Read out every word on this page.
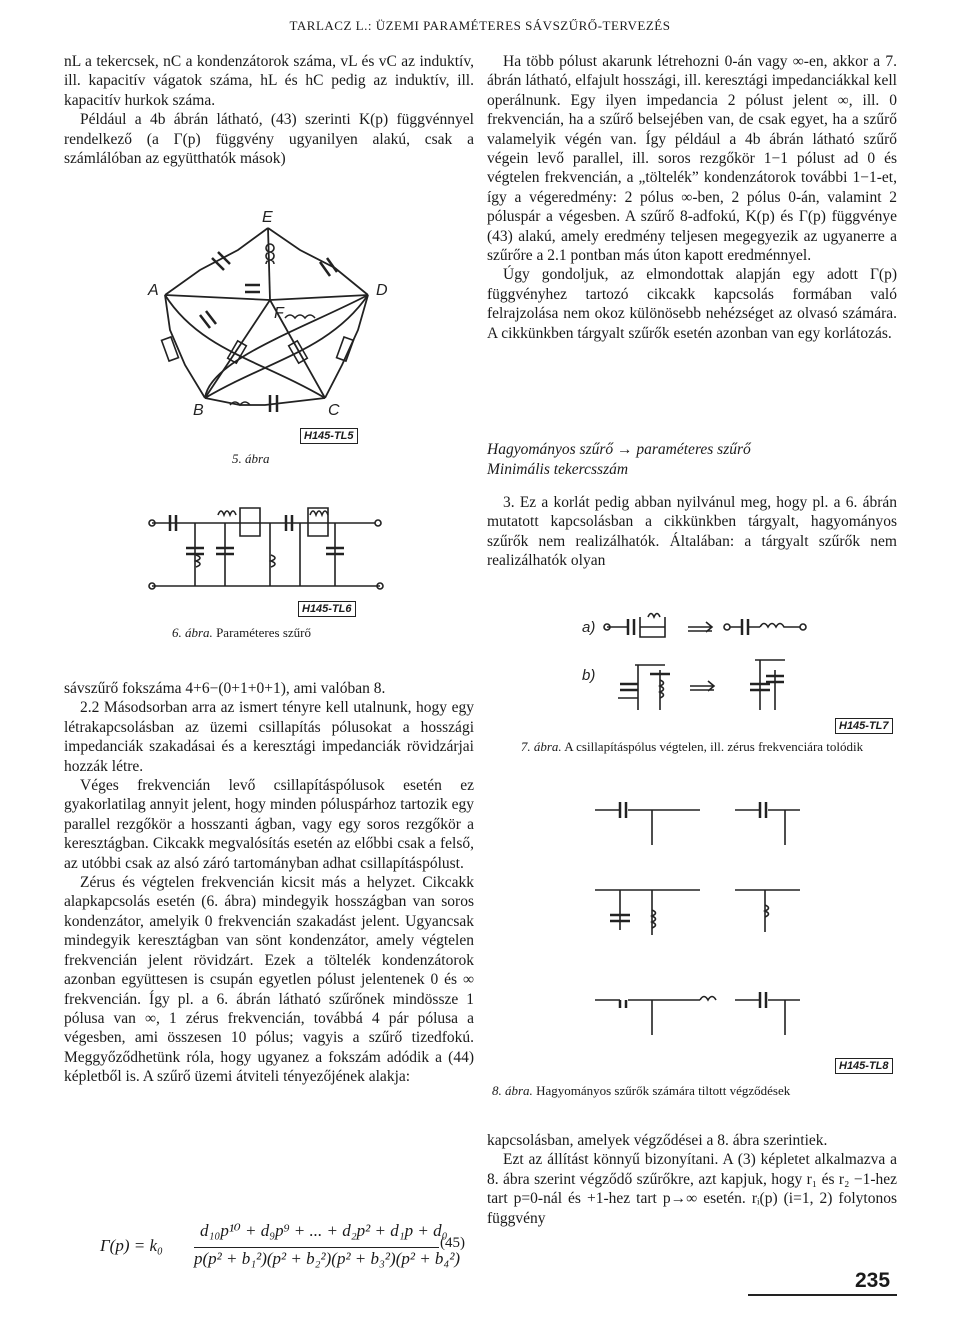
TARLACZ L.: ÜZEMI PARAMÉTERES SÁVSZŰRŐ-TERVEZÉS

nL a tekercsek, nC a kondenzátorok száma, vL és vC az induktív, ill. kapacitív vágatok száma, hL és hC pedig az induktív, ill. kapacitív hurkok száma.

Például a 4b ábrán látható, (43) szerinti K(p) függvénnyel rendelkező (a Γ(p) függvény ugyanilyen alakú, csak a számlálóban az együtthatók mások)

E
A	D
F
B	C
H145-TL5
5. ábra
H145-TL6
6. ábra. Paraméteres szűrő

sávszűrő fokszáma 4+6−(0+1+0+1), ami valóban 8.

2.2 Másodsorban arra az ismert tényre kell utalnunk, hogy egy létrakapcsolásban az üzemi csillapítás pólusokat a hosszági impedanciák szakadásai és a keresztági impedanciák rövidzárjai hozzák létre.

Véges frekvencián levő csillapításpólusok esetén ez gyakorlatilag annyit jelent, hogy minden póluspárhoz tartozik egy parallel rezgőkör a hosszanti ágban, vagy egy soros rezgőkör a keresztágban. Cikcakk megvalósítás esetén az előbbi csak a felső, az utóbbi csak az alsó záró tartományban adhat csillapításpólust.

Zérus és végtelen frekvencián kicsit más a helyzet. Cikcakk alapkapcsolás esetén (6. ábra) mindegyik hosszágban van soros kondenzátor, amelyik 0 frekvencián szakadást jelent. Ugyancsak mindegyik keresztágban van sönt kondenzátor, amely végtelen frekvencián jelent rövidzárt. Ezek a töltelék kondenzátorok azonban együttesen is csupán egyetlen pólust jelentenek 0 és ∞ frekvencián. Így pl. a 6. ábrán látható szűrőnek mindössze 1 pólusa van ∞, 1 zérus frekvencián, továbbá 4 pár pólusa a végesben, ami összesen 10 pólus; vagyis a szűrő tizedfokú. Meggyőződhetünk róla, hogy ugyanez a fokszám adódik a (44) képletből is. A szűrő üzemi átviteli tényezőjének alakja:

Γ(p) = k₀
d₁₀p¹⁰ + d₉p⁹ + ... + d₂p² + d₁p + d₀
p(p² + b₁²)(p² + b₂²)(p² + b₃²)(p² + b₄²)
(45)

Ha több pólust akarunk létrehozni 0-án vagy ∞-en, akkor a 7. ábrán látható, elfajult hosszági, ill. keresztági impedanciákkal kell operálnunk. Egy ilyen impedancia 2 pólust jelent ∞, ill. 0 frekvencián, ha a szűrő belsejében van, de csak egyet, ha a szűrő valamelyik végén van. Így például a 4b ábrán látható szűrő végein levő parallel, ill. soros rezgőkör 1−1 pólust ad 0 és végtelen frekvencián, a „töltelék” kondenzátorok további 1−1-et, így a végeredmény: 2 pólus ∞-ben, 2 pólus 0-án, valamint 2 póluspár a végesben. A szűrő 8-adfokú, K(p) és Γ(p) függvénye (43) alakú, amely eredmény teljesen megegyezik az ugyanerre a szűrőre a 2.1 pontban más úton kapott eredménnyel.

Úgy gondoljuk, az elmondottak alapján egy adott Γ(p) függvényhez tartozó cikcakk kapcsolás formában való felrajzolása nem okoz különösebb nehézséget az olvasó számára. A cikkünkben tárgyalt szűrők esetén azonban van egy korlátozás.

Hagyományos szűrő → paraméteres szűrő
Minimális tekercsszám

3. Ez a korlát pedig abban nyilvánul meg, hogy pl. a 6. ábrán mutatott kapcsolásban a cikkünkben tárgyalt, hagyományos szűrők nem realizálhatók. Általában: a tárgyalt szűrők nem realizálhatók olyan

a)
b)
H145-TL7
7. ábra. A csillapításpólus végtelen, ill. zérus frekvenciára tolódik
H145-TL8
8. ábra. Hagyományos szűrők számára tiltott végződések

kapcsolásban, amelyek végződései a 8. ábra szerintiek.

Ezt az állítást könnyű bizonyítani. A (3) képletet alkalmazva a 8. ábra szerint végződő szűrőkre, azt kapjuk, hogy r₁ és r₂ −1-hez tart p=0-nál és +1-hez tart p→∞ esetén. rᵢ(p) (i=1, 2) folytonos függvény

235
